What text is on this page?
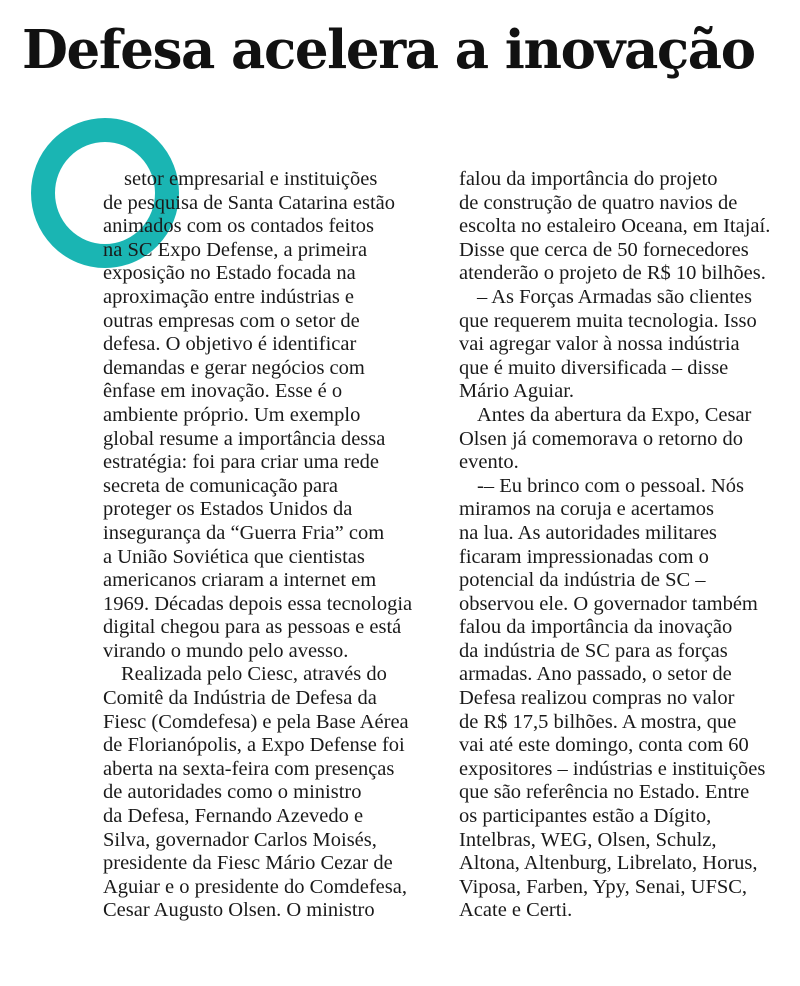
Defesa acelera a inovação
setor empresarial e instituições
de pesquisa de Santa Catarina estão
animados com os contados feitos
na SC Expo Defense, a primeira
exposição no Estado focada na
aproximação entre indústrias e
outras empresas com o setor de
defesa. O objetivo é identificar
demandas e gerar negócios com
ênfase em inovação. Esse é o
ambiente próprio. Um exemplo
global resume a importância dessa
estratégia: foi para criar uma rede
secreta de comunicação para
proteger os Estados Unidos da
insegurança da “Guerra Fria” com
a União Soviética que cientistas
americanos criaram a internet em
1969. Décadas depois essa tecnologia
digital chegou para as pessoas e está
virando o mundo pelo avesso.
Realizada pelo Ciesc, através do
Comitê da Indústria de Defesa da
Fiesc (Comdefesa) e pela Base Aérea
de Florianópolis, a Expo Defense foi
aberta na sexta-feira com presenças
de autoridades como o ministro
da Defesa, Fernando Azevedo e
Silva, governador Carlos Moisés,
presidente da Fiesc Mário Cezar de
Aguiar e o presidente do Comdefesa,
Cesar Augusto Olsen. O ministro
falou da importância do projeto
de construção de quatro navios de
escolta no estaleiro Oceana, em Itajaí.
Disse que cerca de 50 fornecedores
atenderão o projeto de R$ 10 bilhões.
– As Forças Armadas são clientes
que requerem muita tecnologia. Isso
vai agregar valor à nossa indústria
que é muito diversificada – disse
Mário Aguiar.
Antes da abertura da Expo, Cesar
Olsen já comemorava o retorno do
evento.
-– Eu brinco com o pessoal. Nós
miramos na coruja e acertamos
na lua. As autoridades militares
ficaram impressionadas com o
potencial da indústria de SC –
observou ele. O governador também
falou da importância da inovação
da indústria de SC para as forças
armadas. Ano passado, o setor de
Defesa realizou compras no valor
de R$ 17,5 bilhões. A mostra, que
vai até este domingo, conta com 60
expositores – indústrias e instituições
que são referência no Estado. Entre
os participantes estão a Dígito,
Intelbras, WEG, Olsen, Schulz,
Altona, Altenburg, Librelato, Horus,
Viposa, Farben, Ypy, Senai, UFSC,
Acate e Certi.
